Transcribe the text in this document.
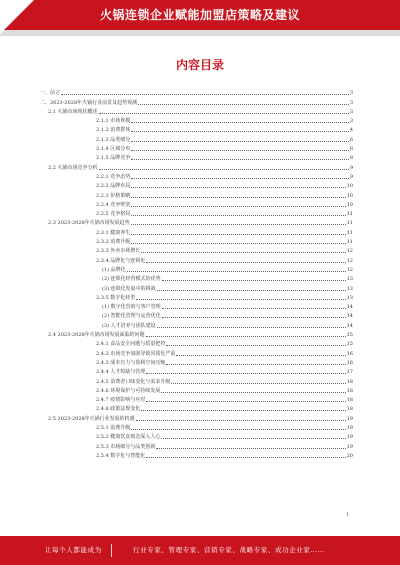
火锅连锁企业赋能加盟店策略及建议
内容目录
一、前言	3
二、2023-2028年火锅行业前景及趋势预测	3
2.1 火锅市场现状概述	3
2.1.1 市场规模	3
2.1.2 消费群体	4
2.1.3 品类细分	6
2.1.4 区域分布	8
2.1.5 品牌竞争	8
2.2 火锅市场竞争分析	9
2.2.1 竞争态势	9
2.2.2 品牌布局	10
2.2.3 价格策略	10
2.2.4 竞争壁垒	10
2.2.5 竞争格局	11
2.3 2023-2028年火锅市场发展趋势	11
2.3.1 健康养生	11
2.3.2 消费升级	11
2.3.3 外卖市场增长	12
2.3.4 品牌化与连锁化	12
(1) 品牌化	12
(2) 连锁化经营模式的优势	13
(3) 连锁化发展中的挑战	13
2.3.5 数字化转型	13
(1) 数字化营销与客户管理	14
(2) 智能化管理与运营优化	14
(3) 人才培养与团队建设	14
2.4 2023-2028年火锅市场发展面临的问题	15
2.4.1 食品安全问题与质量把控	15
2.4.2 市场竞争加剧导致同质化严重	16
2.4.3 成本压力与盈利空间压缩	16
2.4.4 人才短缺与管理	17
2.4.5 消费者口味变化与需求升级	18
2.4.6 环境保护与可持续发展	18
2.4.7 疫情影响与应对	18
2.4.8 政策法规变化	18
2.5 2023-2028年火锅行业发展的机遇	19
2.5.1 消费升级	19
2.5.2 健康饮食观念深入人心	19
2.5.3 市场细分与品类创新	19
2.5.4 数字化与智能化	20
1
让每个人都能成为	行业专家、管理专家、营销专家、战略专家、成功企业家……
